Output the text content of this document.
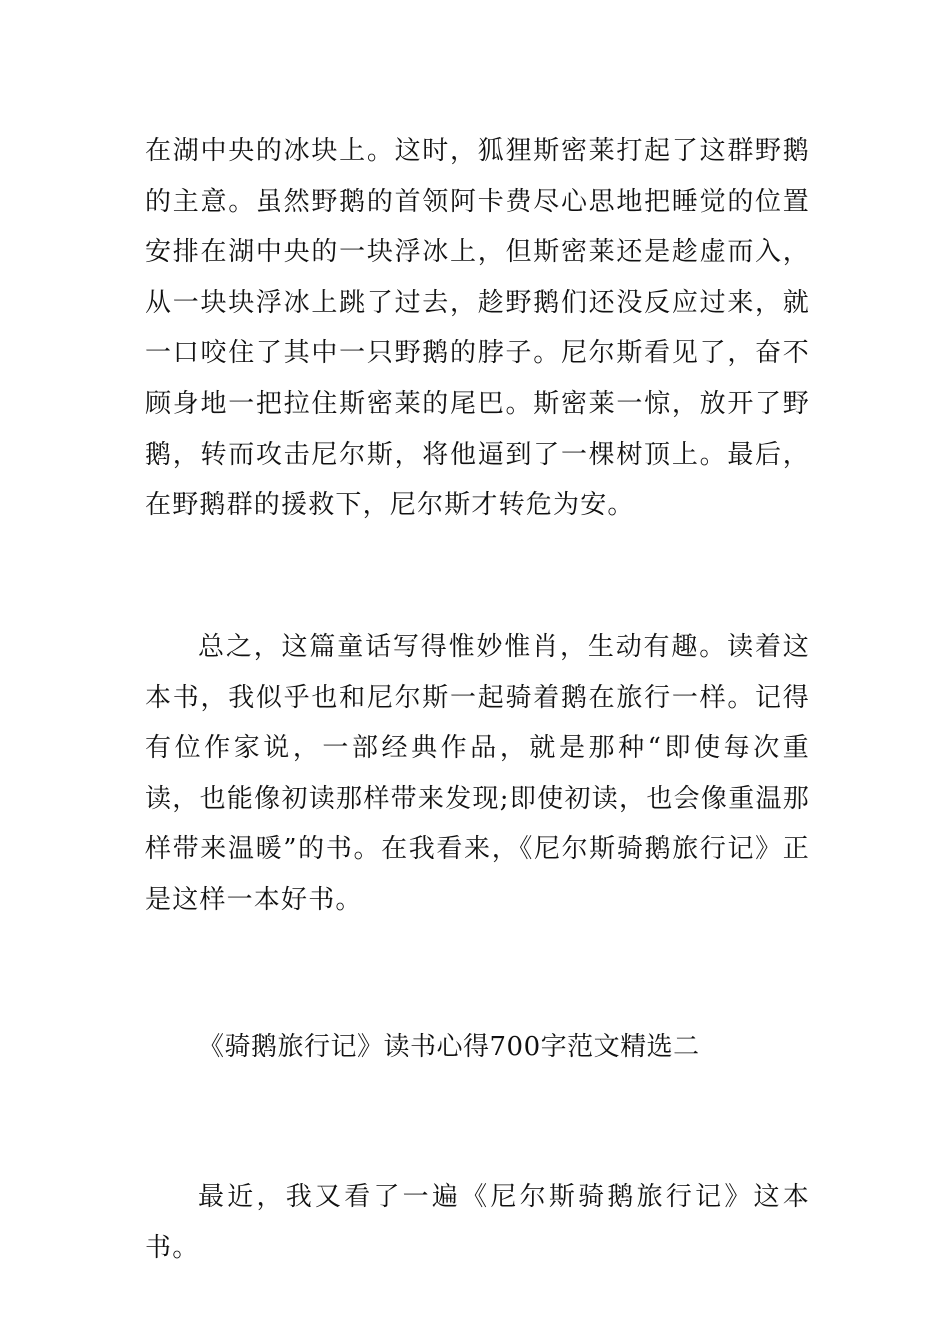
在湖中央的冰块上。这时，狐狸斯密莱打起了这群野鹅的主意。虽然野鹅的首领阿卡费尽心思地把睡觉的位置安排在湖中央的一块浮冰上，但斯密莱还是趁虚而入，从一块块浮冰上跳了过去，趁野鹅们还没反应过来，就一口咬住了其中一只野鹅的脖子。尼尔斯看见了，奋不顾身地一把拉住斯密莱的尾巴。斯密莱一惊，放开了野鹅，转而攻击尼尔斯，将他逼到了一棵树顶上。最后，在野鹅群的援救下，尼尔斯才转危为安。

总之，这篇童话写得惟妙惟肖，生动有趣。读着这本书，我似乎也和尼尔斯一起骑着鹅在旅行一样。记得有位作家说，一部经典作品，就是那种“即使每次重读，也能像初读那样带来发现;即使初读，也会像重温那样带来温暖”的书。在我看来，《尼尔斯骑鹅旅行记》正是这样一本好书。

《骑鹅旅行记》读书心得700字范文精选二

最近，我又看了一遍《尼尔斯骑鹅旅行记》这本书。
